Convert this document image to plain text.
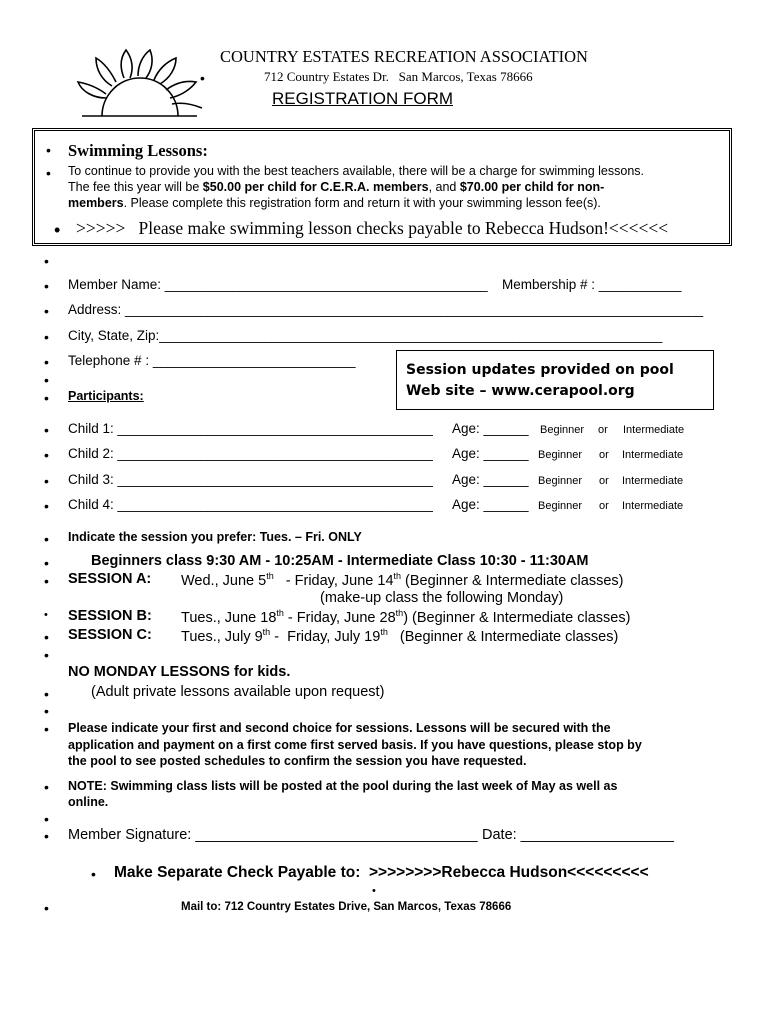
•
COUNTRY ESTATES RECREATION ASSOCIATION
712 Country Estates Dr.   San Marcos, Texas 78666
REGISTRATION FORM
• Swimming Lessons:
• To continue to provide you with the best teachers available, there will be a charge for swimming lessons.
The fee this year will be $50.00 per child for C.E.R.A. members, and $70.00 per child for non-
members. Please complete this registration form and return it with your swimming lesson fee(s).
• >>>>>   Please make swimming lesson checks payable to Rebecca Hudson!<<<<<<
•
• Member Name: ___________________________________________ Membership # : ___________
• Address: _____________________________________________________________________________
• City, State, Zip:___________________________________________________________________
• Telephone # : ___________________________
•
• Participants:
Session updates provided on pool
Web site – www.cerapool.org
• Child 1: __________________________________________ Age: ______ Beginner or Intermediate
• Child 2: __________________________________________ Age: ______ Beginner or Intermediate
• Child 3: __________________________________________ Age: ______ Beginner or Intermediate
• Child 4: __________________________________________ Age: ______ Beginner or Intermediate
• Indicate the session you prefer: Tues. – Fri. ONLY
•	Beginners class 9:30 AM - 10:25AM - Intermediate Class 10:30 - 11:30AM
• SESSION A: Wed., June 5th   - Friday, June 14th (Beginner & Intermediate classes)
(make-up class the following Monday)
• SESSION B: Tues., June 18th - Friday, June 28th) (Beginner & Intermediate classes)
• SESSION C: Tues., July 9th -  Friday, July 19th   (Beginner & Intermediate classes)
•
NO MONDAY LESSONS for kids.
•	(Adult private lessons available upon request)
•
• Please indicate your first and second choice for sessions. Lessons will be secured with the
application and payment on a first come first served basis. If you have questions, please stop by
the pool to see posted schedules to confirm the session you have requested.
• NOTE: Swimming class lists will be posted at the pool during the last week of May as well as
online.
•
• Member Signature: ___________________________________ Date: ___________________
• Make Separate Check Payable to:  >>>>>>>>Rebecca Hudson<<<<<<<<<
•
•	Mail to: 712 Country Estates Drive, San Marcos, Texas 78666
